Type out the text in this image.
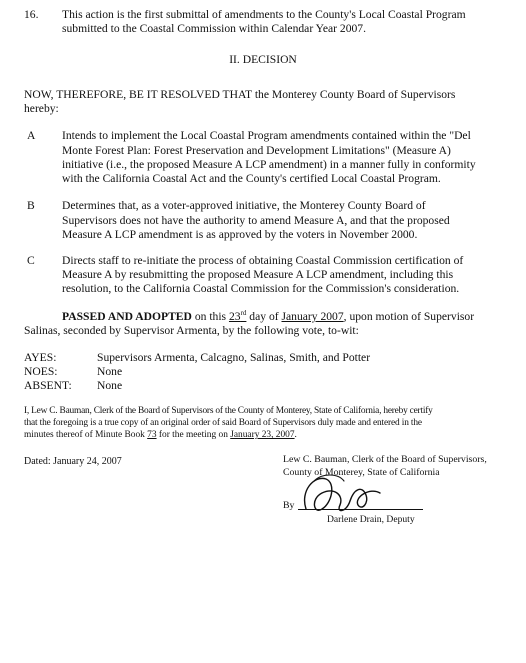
16. This action is the first submittal of amendments to the County's Local Coastal Program
submitted to the Coastal Commission within Calendar Year 2007.
II. DECISION
NOW, THEREFORE, BE IT RESOLVED THAT the Monterey County Board of Supervisors
hereby:
A Intends to implement the Local Coastal Program amendments contained within the "Del
Monte Forest Plan: Forest Preservation and Development Limitations" (Measure A)
initiative (i.e., the proposed Measure A LCP amendment) in a manner fully in conformity
with the California Coastal Act and the County's certified Local Coastal Program.
B Determines that, as a voter-approved initiative, the Monterey County Board of
Supervisors does not have the authority to amend Measure A, and that the proposed
Measure A LCP amendment is as approved by the voters in November 2000.
C Directs staff to re-initiate the process of obtaining Coastal Commission certification of
Measure A by resubmitting the proposed Measure A LCP amendment, including this
resolution, to the California Coastal Commission for the Commission's consideration.
PASSED AND ADOPTED on this 23rd day of January 2007, upon motion of Supervisor
Salinas, seconded by Supervisor Armenta, by the following vote, to-wit:
AYES:	Supervisors Armenta, Calcagno, Salinas, Smith, and Potter
NOES:	None
ABSENT: None
I, Lew C. Bauman, Clerk of the Board of Supervisors of the County of Monterey, State of California, hereby certify
that the foregoing is a true copy of an original order of said Board of Supervisors duly made and entered in the
minutes thereof of Minute Book 73 for the meeting on January 23, 2007.
Dated: January 24, 2007	Lew C. Bauman, Clerk of the Board of Supervisors,
County of Monterey, State of California
By
Darlene Drain, Deputy
